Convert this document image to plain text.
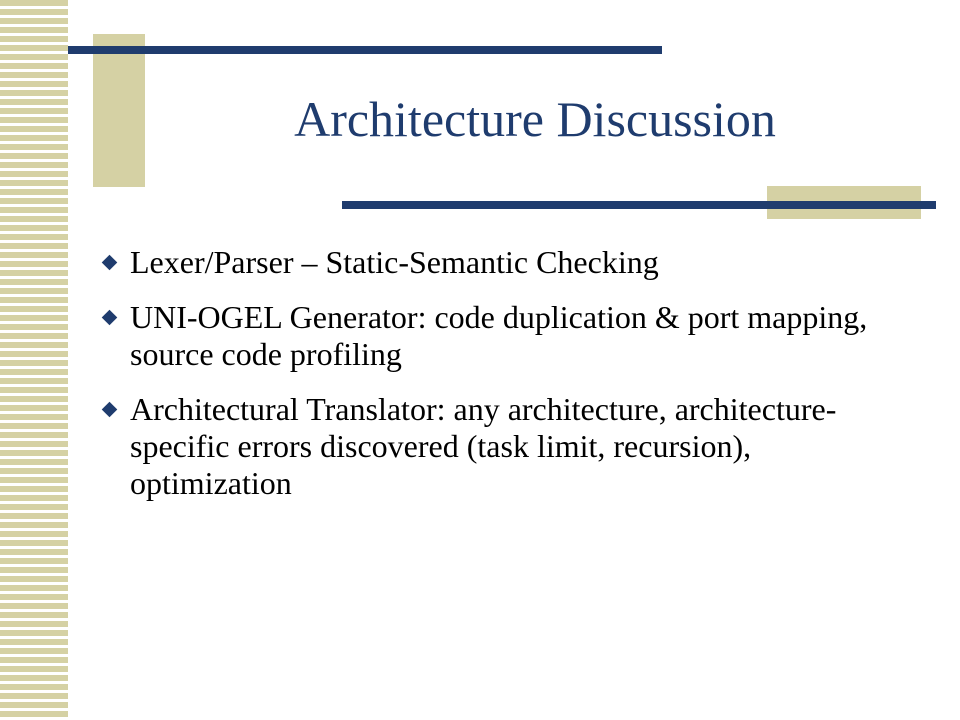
Architecture Discussion
Lexer/Parser – Static-Semantic Checking
UNI-OGEL Generator: code duplication & port mapping, source code profiling
Architectural Translator: any architecture, architecture-specific errors discovered (task limit, recursion), optimization
